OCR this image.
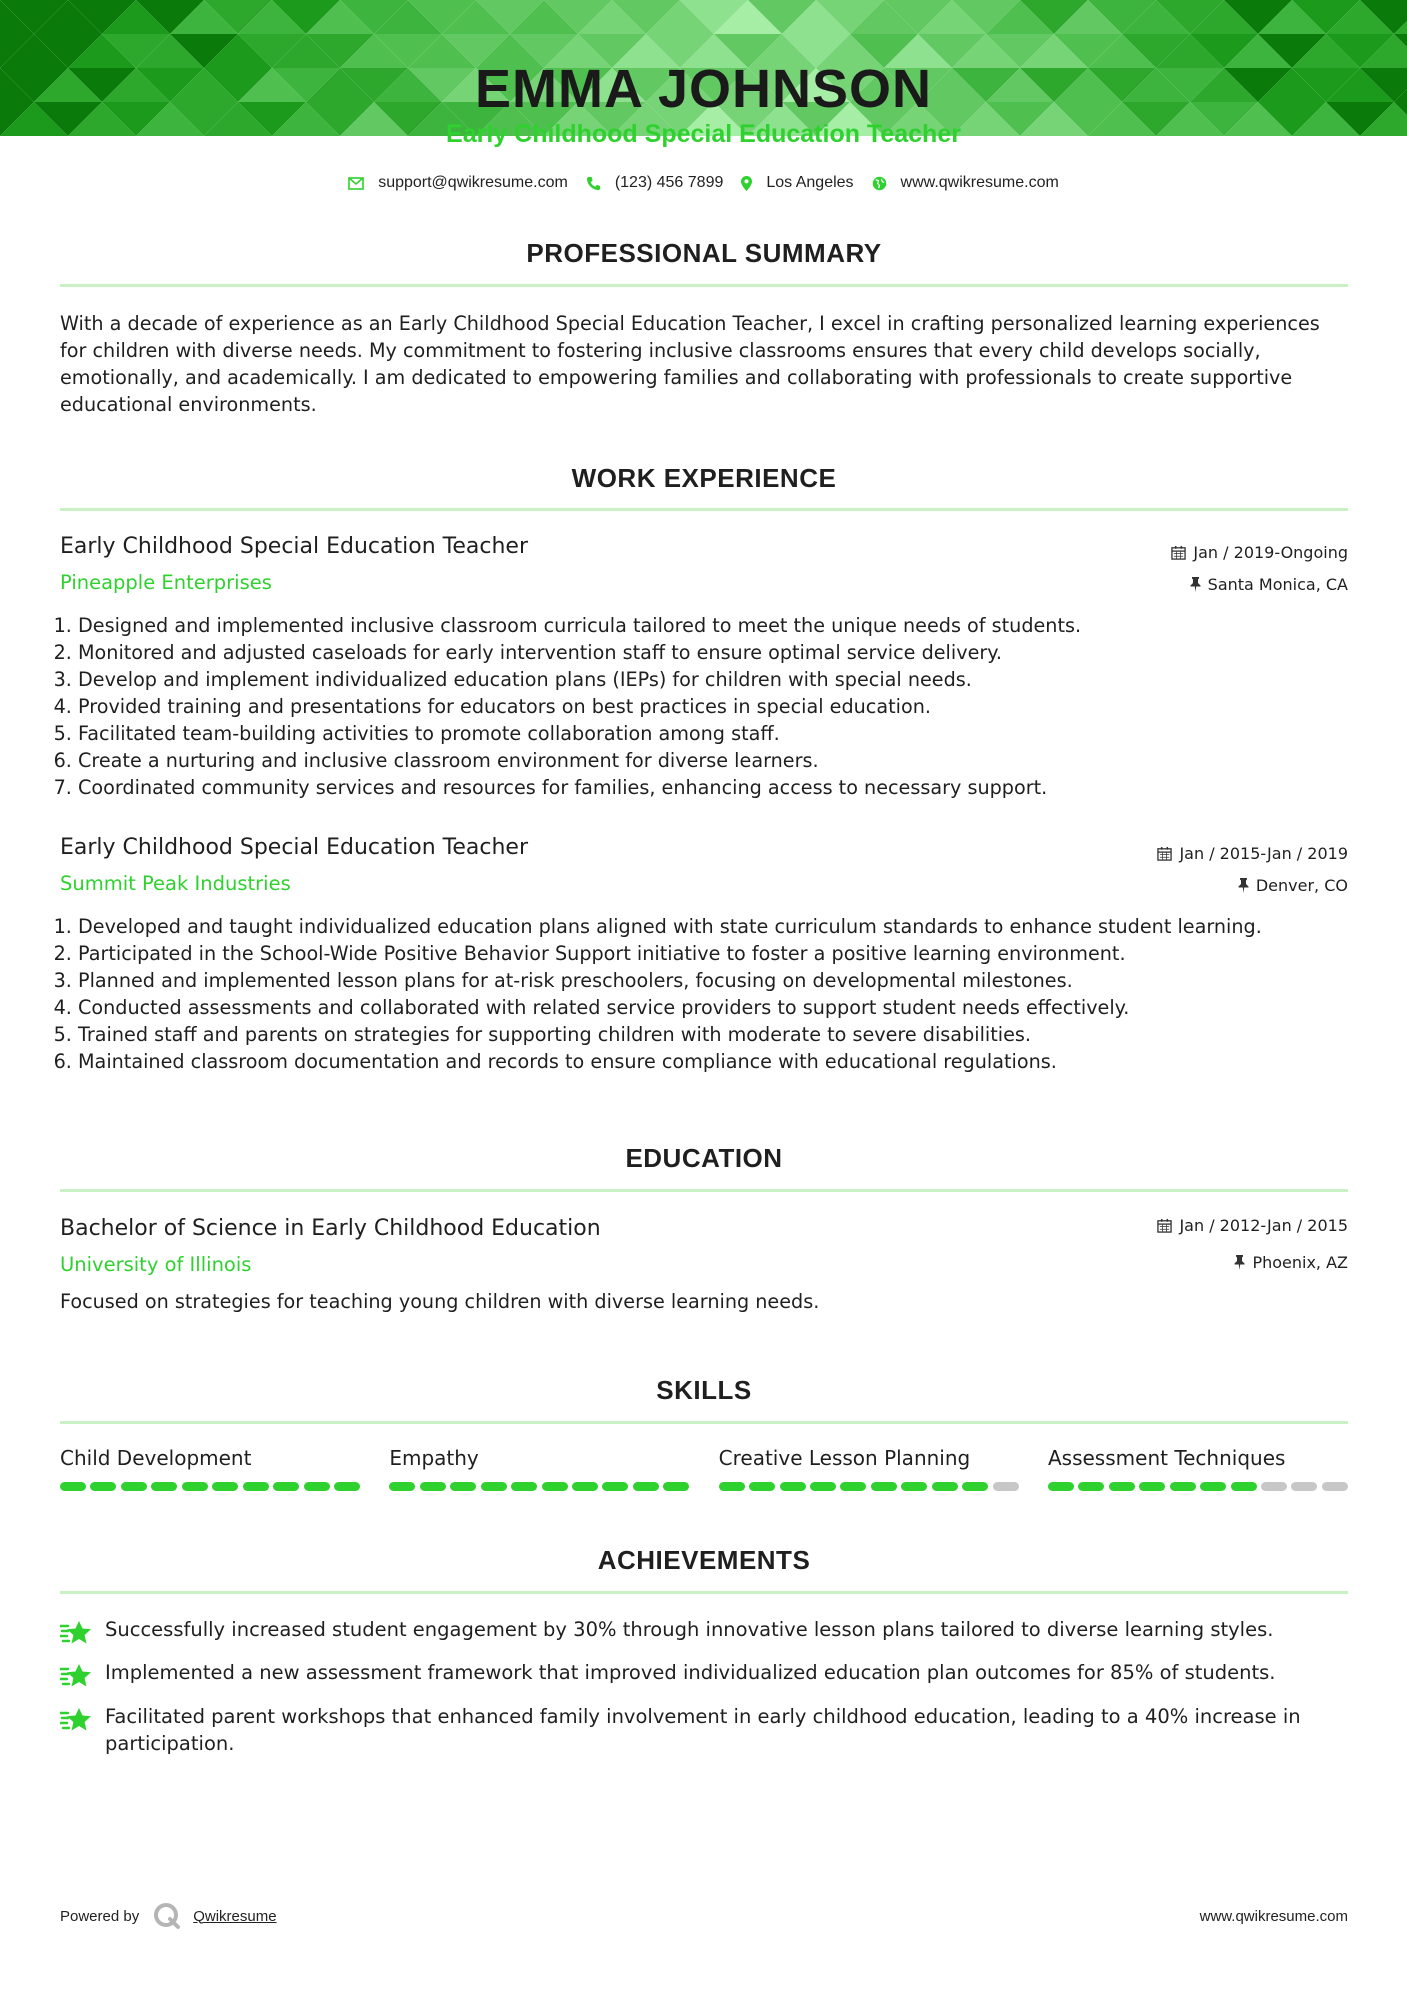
EMMA JOHNSON
Early Childhood Special Education Teacher
support@qwikresume.com	(123) 456 7899	Los Angeles	www.qwikresume.com
PROFESSIONAL SUMMARY
With a decade of experience as an Early Childhood Special Education Teacher, I excel in crafting personalized learning experiences for children with diverse needs. My commitment to fostering inclusive classrooms ensures that every child develops socially, emotionally, and academically. I am dedicated to empowering families and collaborating with professionals to create supportive educational environments.
WORK EXPERIENCE
Early Childhood Special Education Teacher
Pineapple Enterprises
Jan / 2019-Ongoing
Santa Monica, CA
1. Designed and implemented inclusive classroom curricula tailored to meet the unique needs of students.
2. Monitored and adjusted caseloads for early intervention staff to ensure optimal service delivery.
3. Develop and implement individualized education plans (IEPs) for children with special needs.
4. Provided training and presentations for educators on best practices in special education.
5. Facilitated team-building activities to promote collaboration among staff.
6. Create a nurturing and inclusive classroom environment for diverse learners.
7. Coordinated community services and resources for families, enhancing access to necessary support.
Early Childhood Special Education Teacher
Summit Peak Industries
Jan / 2015-Jan / 2019
Denver, CO
1. Developed and taught individualized education plans aligned with state curriculum standards to enhance student learning.
2. Participated in the School-Wide Positive Behavior Support initiative to foster a positive learning environment.
3. Planned and implemented lesson plans for at-risk preschoolers, focusing on developmental milestones.
4. Conducted assessments and collaborated with related service providers to support student needs effectively.
5. Trained staff and parents on strategies for supporting children with moderate to severe disabilities.
6. Maintained classroom documentation and records to ensure compliance with educational regulations.
EDUCATION
Bachelor of Science in Early Childhood Education
University of Illinois
Jan / 2012-Jan / 2015
Phoenix, AZ
Focused on strategies for teaching young children with diverse learning needs.
SKILLS
Child Development	Empathy	Creative Lesson Planning	Assessment Techniques
ACHIEVEMENTS
Successfully increased student engagement by 30% through innovative lesson plans tailored to diverse learning styles.
Implemented a new assessment framework that improved individualized education plan outcomes for 85% of students.
Facilitated parent workshops that enhanced family involvement in early childhood education, leading to a 40% increase in participation.
Powered by	Qwikresume	www.qwikresume.com
